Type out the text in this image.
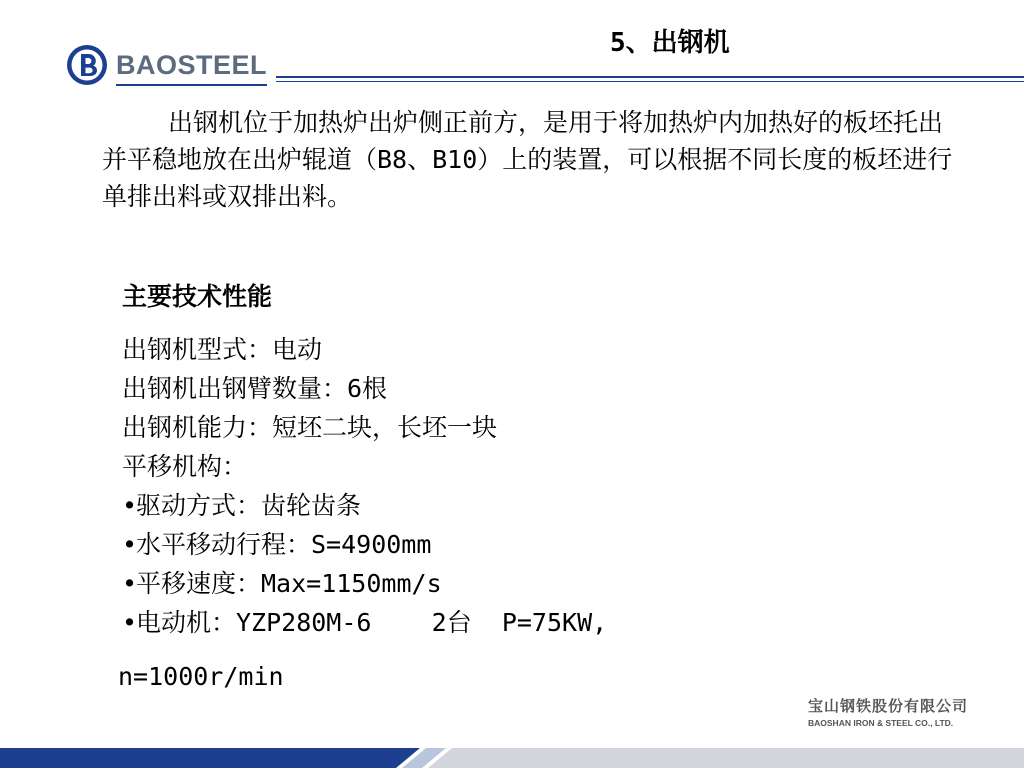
BAOSTEEL
5、出钢机

出钢机位于加热炉出炉侧正前方，是用于将加热炉内加热好的板坯托出并平稳地放在出炉辊道（B8、B10）上的装置，可以根据不同长度的板坯进行单排出料或双排出料。

主要技术性能
出钢机型式：电动
出钢机出钢臂数量：6根
出钢机能力：短坯二块，长坯一块
平移机构：
• 驱动方式：齿轮齿条
• 水平移动行程：S=4900mm
• 平移速度：Max=1150mm/s
• 电动机：YZP280M-6    2台  P=75KW,
n=1000r/min
宝山钢铁股份有限公司
BAOSHAN IRON & STEEL CO., LTD.
